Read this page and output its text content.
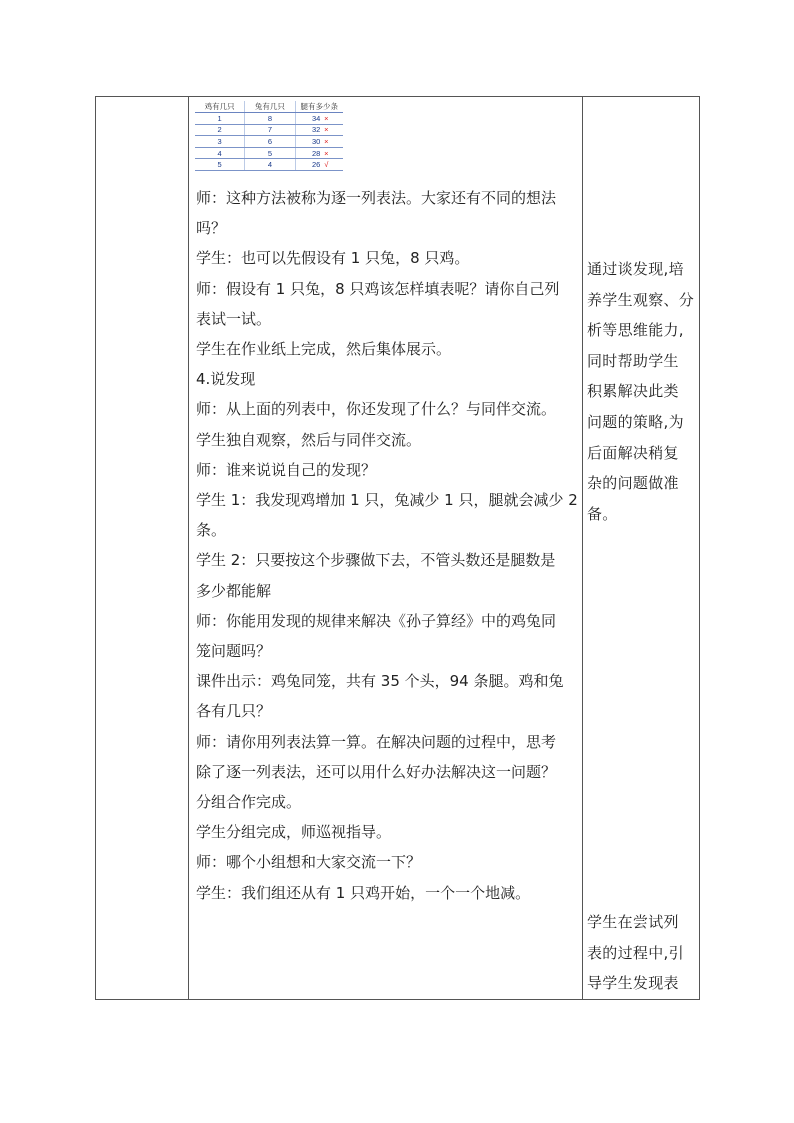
鸡有几只	兔有几只	腿有多少条
1	8	34 ×
2	7	32 ×
3	6	30 ×
4	5	28 ×
5	4	26 √
师：这种方法被称为逐一列表法。大家还有不同的想法
吗？
学生：也可以先假设有 1 只兔，8 只鸡。
师：假设有 1 只兔，8 只鸡该怎样填表呢？请你自己列
表试一试。
学生在作业纸上完成，然后集体展示。
4.说发现
师：从上面的列表中，你还发现了什么？与同伴交流。
学生独自观察，然后与同伴交流。
师：谁来说说自己的发现？
学生 1：我发现鸡增加 1 只，兔减少 1 只，腿就会减少 2
条。
学生 2：只要按这个步骤做下去，不管头数还是腿数是
多少都能解
师：你能用发现的规律来解决《孙子算经》中的鸡兔同
笼问题吗？
课件出示：鸡兔同笼，共有 35 个头，94 条腿。鸡和兔
各有几只？
师：请你用列表法算一算。在解决问题的过程中，思考
除了逐一列表法，还可以用什么好办法解决这一问题？
分组合作完成。
学生分组完成，师巡视指导。
师：哪个小组想和大家交流一下？
学生：我们组还从有 1 只鸡开始，一个一个地减。
通过谈发现,培
养学生观察、分
析等思维能力,
同时帮助学生
积累解决此类
问题的策略,为
后面解决稍复
杂的问题做准
备。
学生在尝试列
表的过程中,引
导学生发现表
